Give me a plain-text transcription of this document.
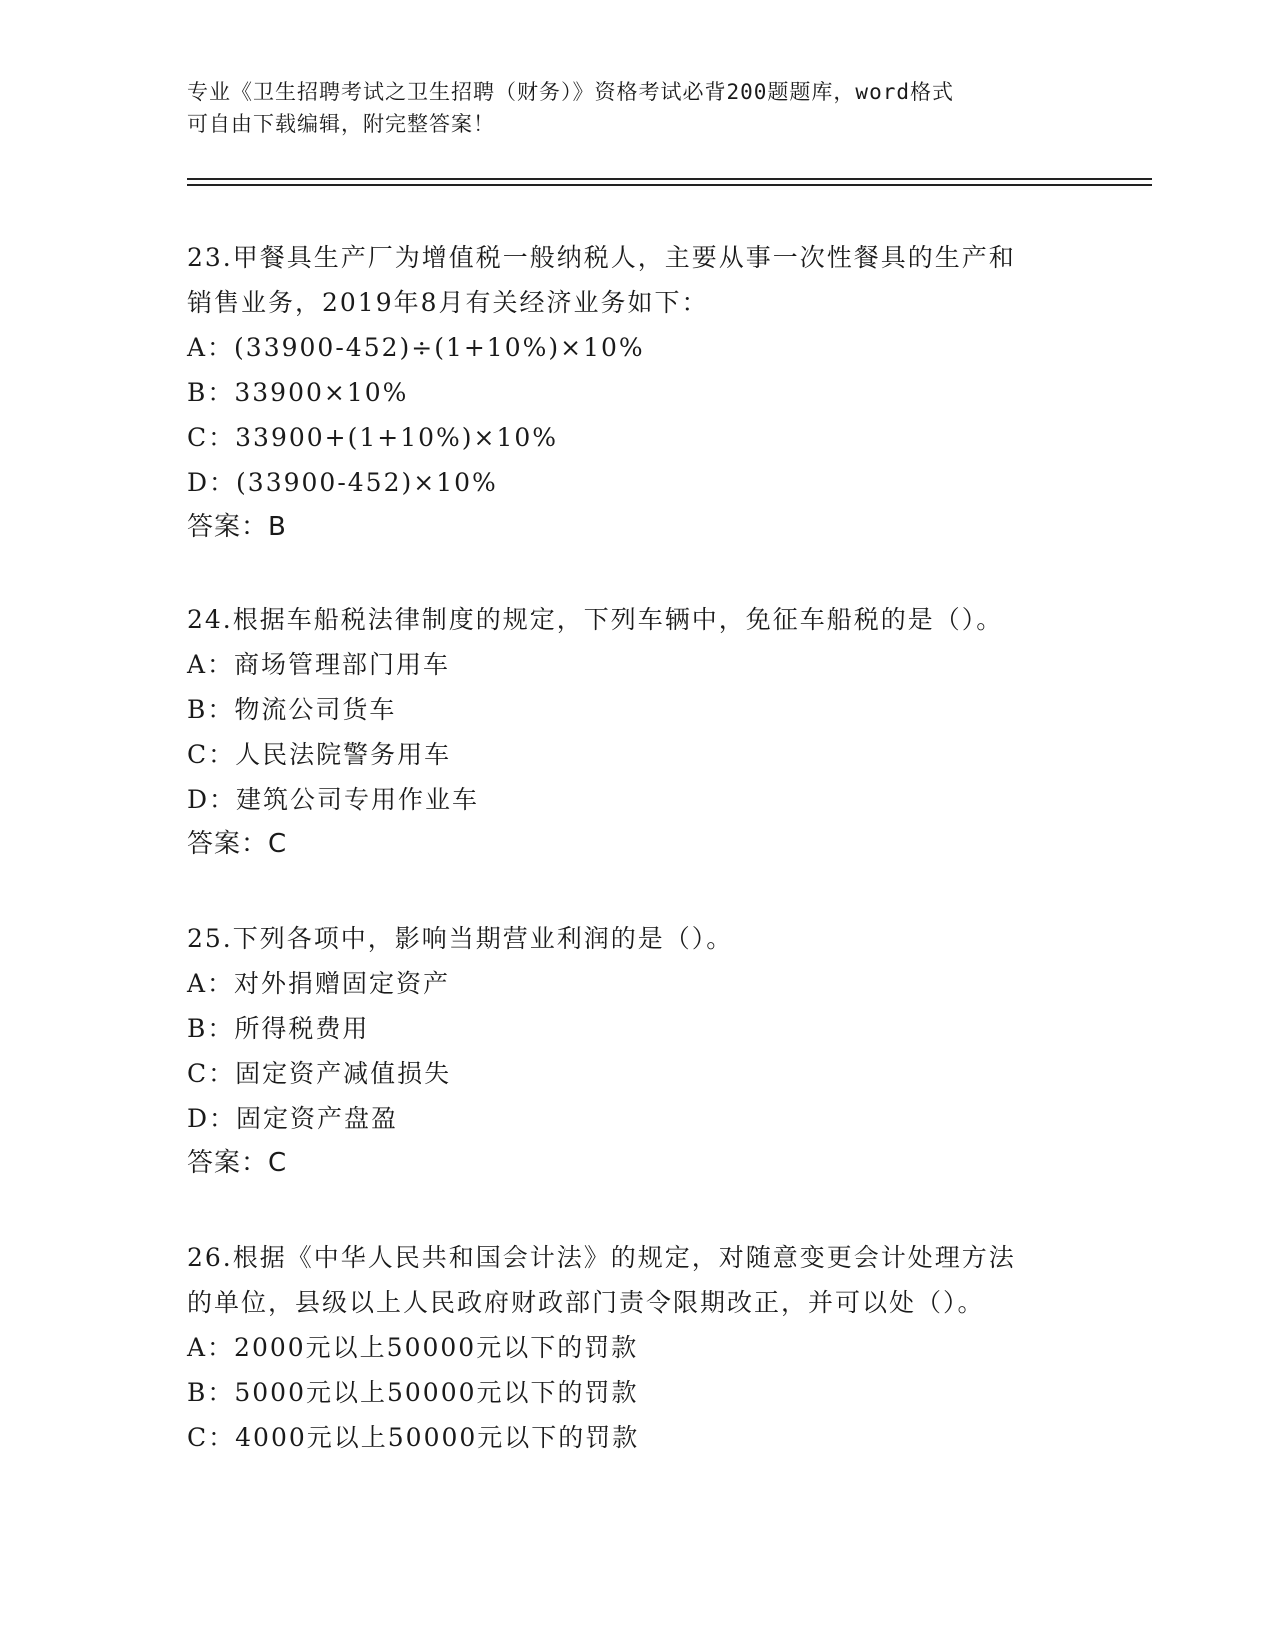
专业《卫生招聘考试之卫生招聘（财务）》资格考试必背200题题库，word格式
可自由下载编辑，附完整答案！
23.甲餐具生产厂为增值税一般纳税人，主要从事一次性餐具的生产和
销售业务，2019年8月有关经济业务如下：
A：(33900-452)÷(1+10%)×10%
B：33900×10%
C：33900+(1+10%)×10%
D：(33900-452)×10%
答案：B
24.根据车船税法律制度的规定，下列车辆中，免征车船税的是（）。
A：商场管理部门用车
B：物流公司货车
C：人民法院警务用车
D：建筑公司专用作业车
答案：C
25.下列各项中，影响当期营业利润的是（）。
A：对外捐赠固定资产
B：所得税费用
C：固定资产减值损失
D：固定资产盘盈
答案：C
26.根据《中华人民共和国会计法》的规定，对随意变更会计处理方法
的单位，县级以上人民政府财政部门责令限期改正，并可以处（）。
A：2000元以上50000元以下的罚款
B：5000元以上50000元以下的罚款
C：4000元以上50000元以下的罚款
